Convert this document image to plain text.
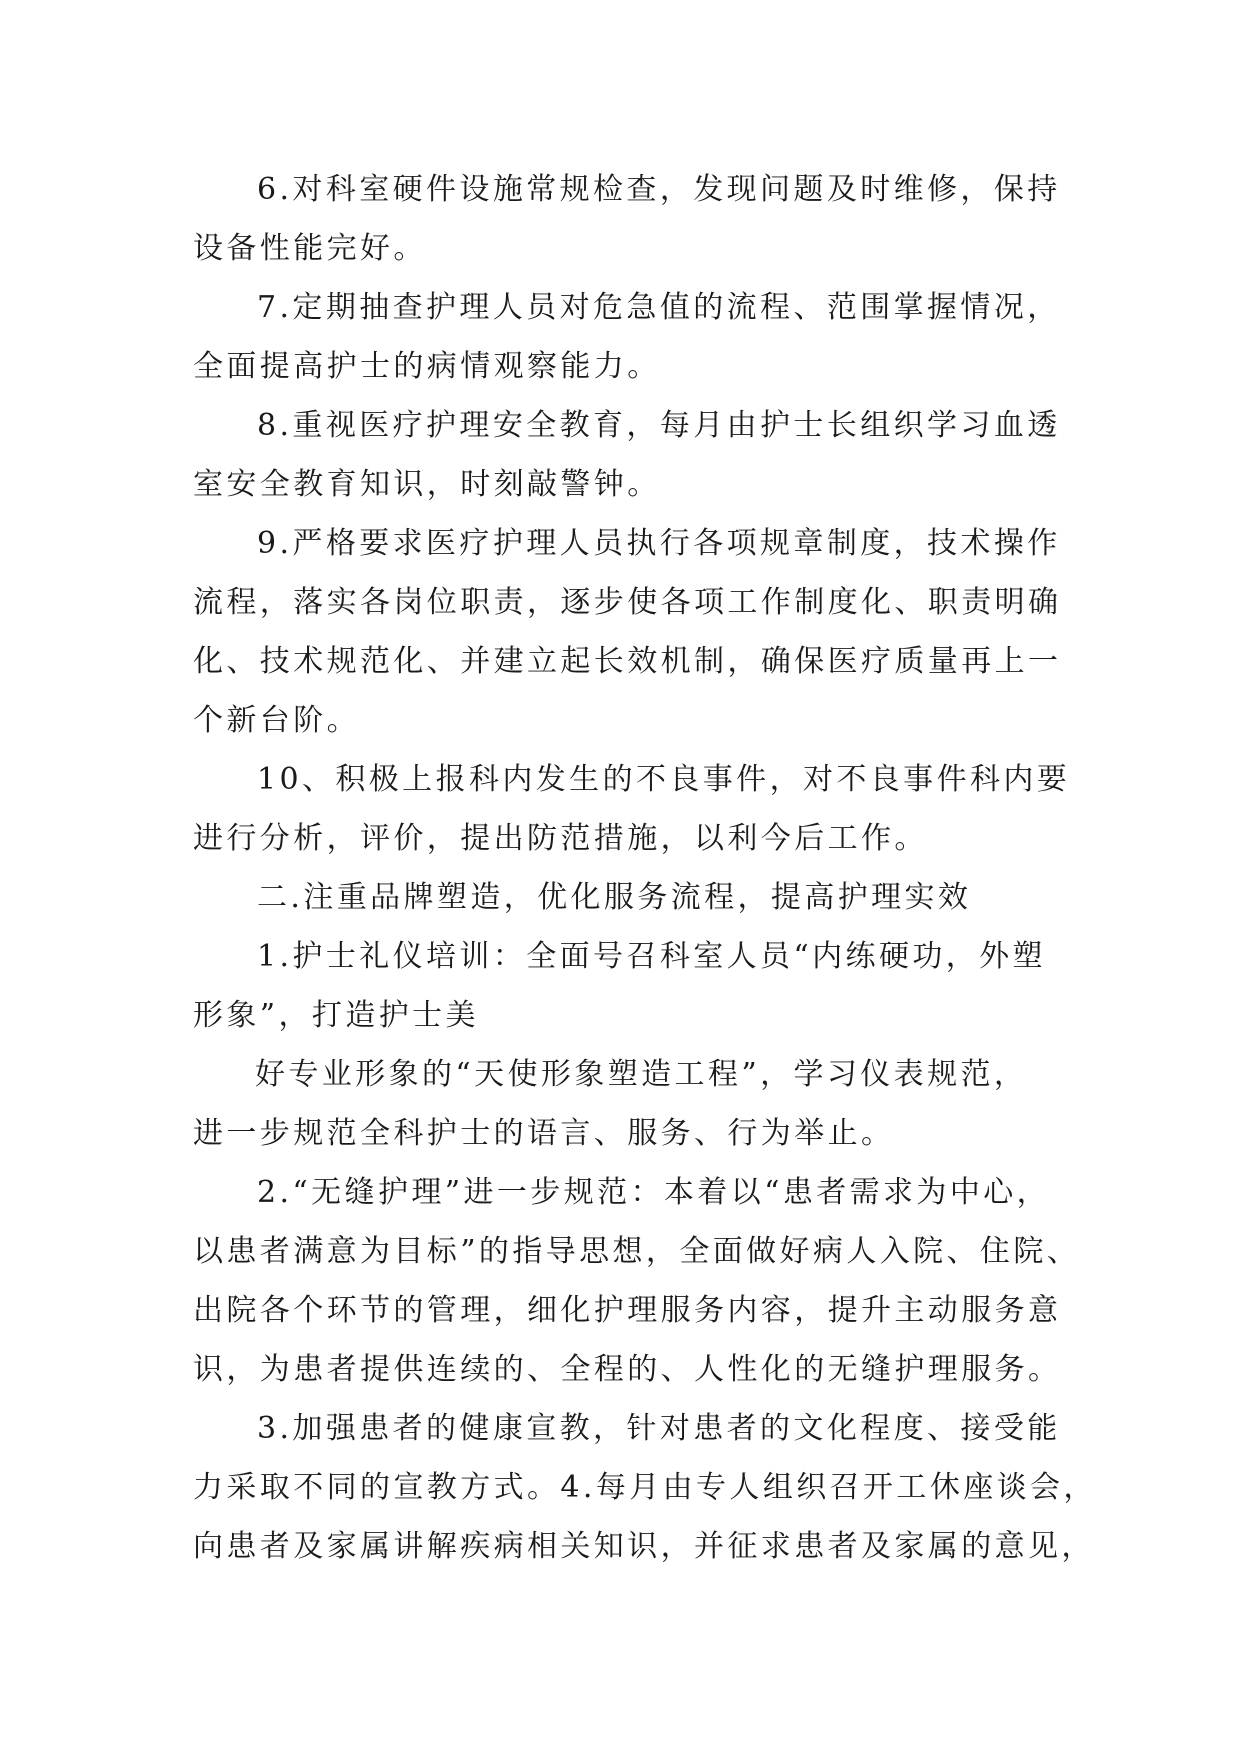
6.对科室硬件设施常规检查，发现问题及时维修，保持
设备性能完好。
7.定期抽查护理人员对危急值的流程、范围掌握情况，
全面提高护士的病情观察能力。
8.重视医疗护理安全教育，每月由护士长组织学习血透
室安全教育知识，时刻敲警钟。
9.严格要求医疗护理人员执行各项规章制度，技术操作
流程，落实各岗位职责，逐步使各项工作制度化、职责明确
化、技术规范化、并建立起长效机制，确保医疗质量再上一
个新台阶。
10、积极上报科内发生的不良事件，对不良事件科内要
进行分析，评价，提出防范措施，以利今后工作。
二.注重品牌塑造，优化服务流程，提高护理实效
1.护士礼仪培训：全面号召科室人员“内练硬功，外塑
形象”，打造护士美
好专业形象的“天使形象塑造工程”，学习仪表规范，
进一步规范全科护士的语言、服务、行为举止。
2.“无缝护理”进一步规范：本着以“患者需求为中心，
以患者满意为目标”的指导思想，全面做好病人入院、住院、
出院各个环节的管理，细化护理服务内容，提升主动服务意
识，为患者提供连续的、全程的、人性化的无缝护理服务。
3.加强患者的健康宣教，针对患者的文化程度、接受能
力采取不同的宣教方式。4.每月由专人组织召开工休座谈会，
向患者及家属讲解疾病相关知识，并征求患者及家属的意见，
